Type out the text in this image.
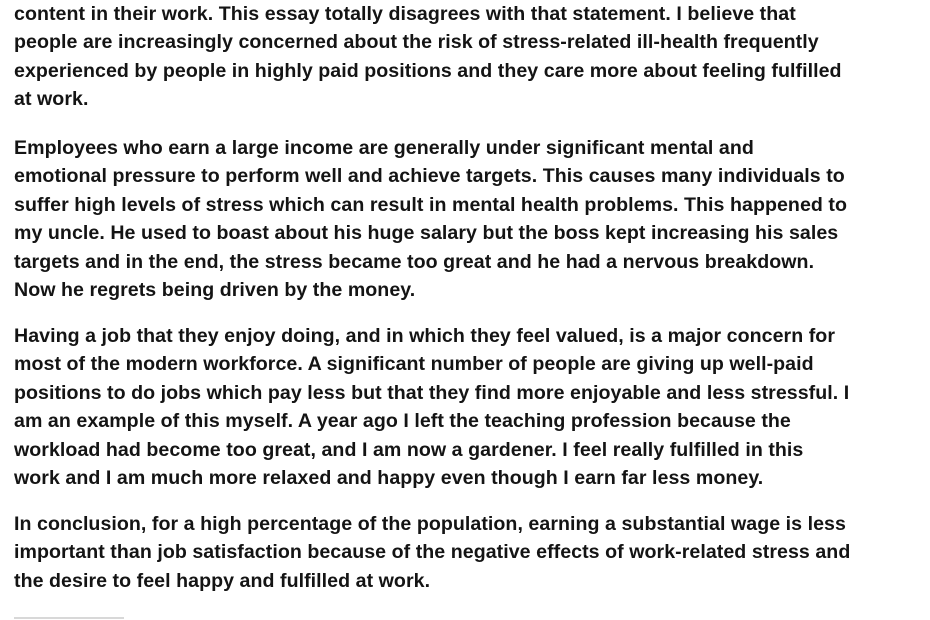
content in their work. This essay totally disagrees with that statement. I believe that
people are increasingly concerned about the risk of stress-related ill-health frequently
experienced by people in highly paid positions and they care more about feeling fulfilled
at work.

Employees who earn a large income are generally under significant mental and
emotional pressure to perform well and achieve targets. This causes many individuals to
suffer high levels of stress which can result in mental health problems. This happened to
my uncle. He used to boast about his huge salary but the boss kept increasing his sales
targets and in the end, the stress became too great and he had a nervous breakdown.
Now he regrets being driven by the money.

Having a job that they enjoy doing, and in which they feel valued, is a major concern for
most of the modern workforce. A significant number of people are giving up well-paid
positions to do jobs which pay less but that they find more enjoyable and less stressful. I
am an example of this myself. A year ago I left the teaching profession because the
workload had become too great, and I am now a gardener. I feel really fulfilled in this
work and I am much more relaxed and happy even though I earn far less money.

In conclusion, for a high percentage of the population, earning a substantial wage is less
important than job satisfaction because of the negative effects of work-related stress and
the desire to feel happy and fulfilled at work.
